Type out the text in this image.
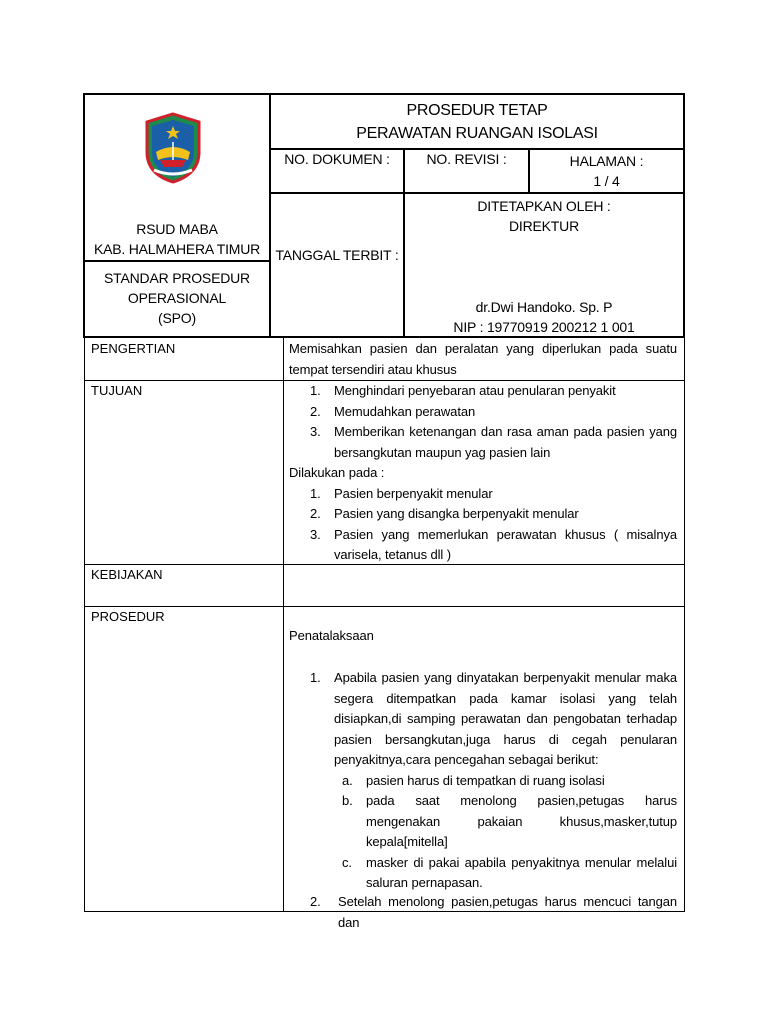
RSUD MABA
KAB. HALMAHERA TIMUR
STANDAR PROSEDUR
OPERASIONAL
(SPO)
PROSEDUR TETAP
PERAWATAN RUANGAN ISOLASI
NO. DOKUMEN :	NO. REVISI :	HALAMAN :
1 / 4
TANGGAL TERBIT :
DITETAPKAN OLEH :
DIREKTUR
dr.Dwi Handoko. Sp. P
NIP : 19770919 200212 1 001
PENGERTIAN
TUJUAN
KEBIJAKAN
PROSEDUR
Memisahkan pasien dan peralatan yang diperlukan pada suatu tempat tersendiri atau khusus
1. Menghindari penyebaran atau penularan penyakit
2. Memudahkan perawatan
3. Memberikan ketenangan dan rasa aman pada pasien yang bersangkutan maupun yag pasien lain
Dilakukan pada :
1. Pasien berpenyakit menular
2. Pasien yang disangka berpenyakit menular
3. Pasien yang memerlukan perawatan khusus ( misalnya varisela, tetanus dll )
Penatalaksaan
1. Apabila pasien yang dinyatakan berpenyakit menular maka segera ditempatkan pada kamar isolasi yang telah disiapkan,di samping perawatan dan pengobatan terhadap pasien bersangkutan,juga harus di cegah penularan penyakitnya,cara pencegahan sebagai berikut:
a. pasien harus di tempatkan di ruang isolasi
b. pada saat menolong pasien,petugas harus mengenakan pakaian khusus,masker,tutup kepala[mitella]
c. masker di pakai apabila penyakitnya menular melalui saluran pernapasan.
2. Setelah menolong pasien,petugas harus mencuci tangan dan
